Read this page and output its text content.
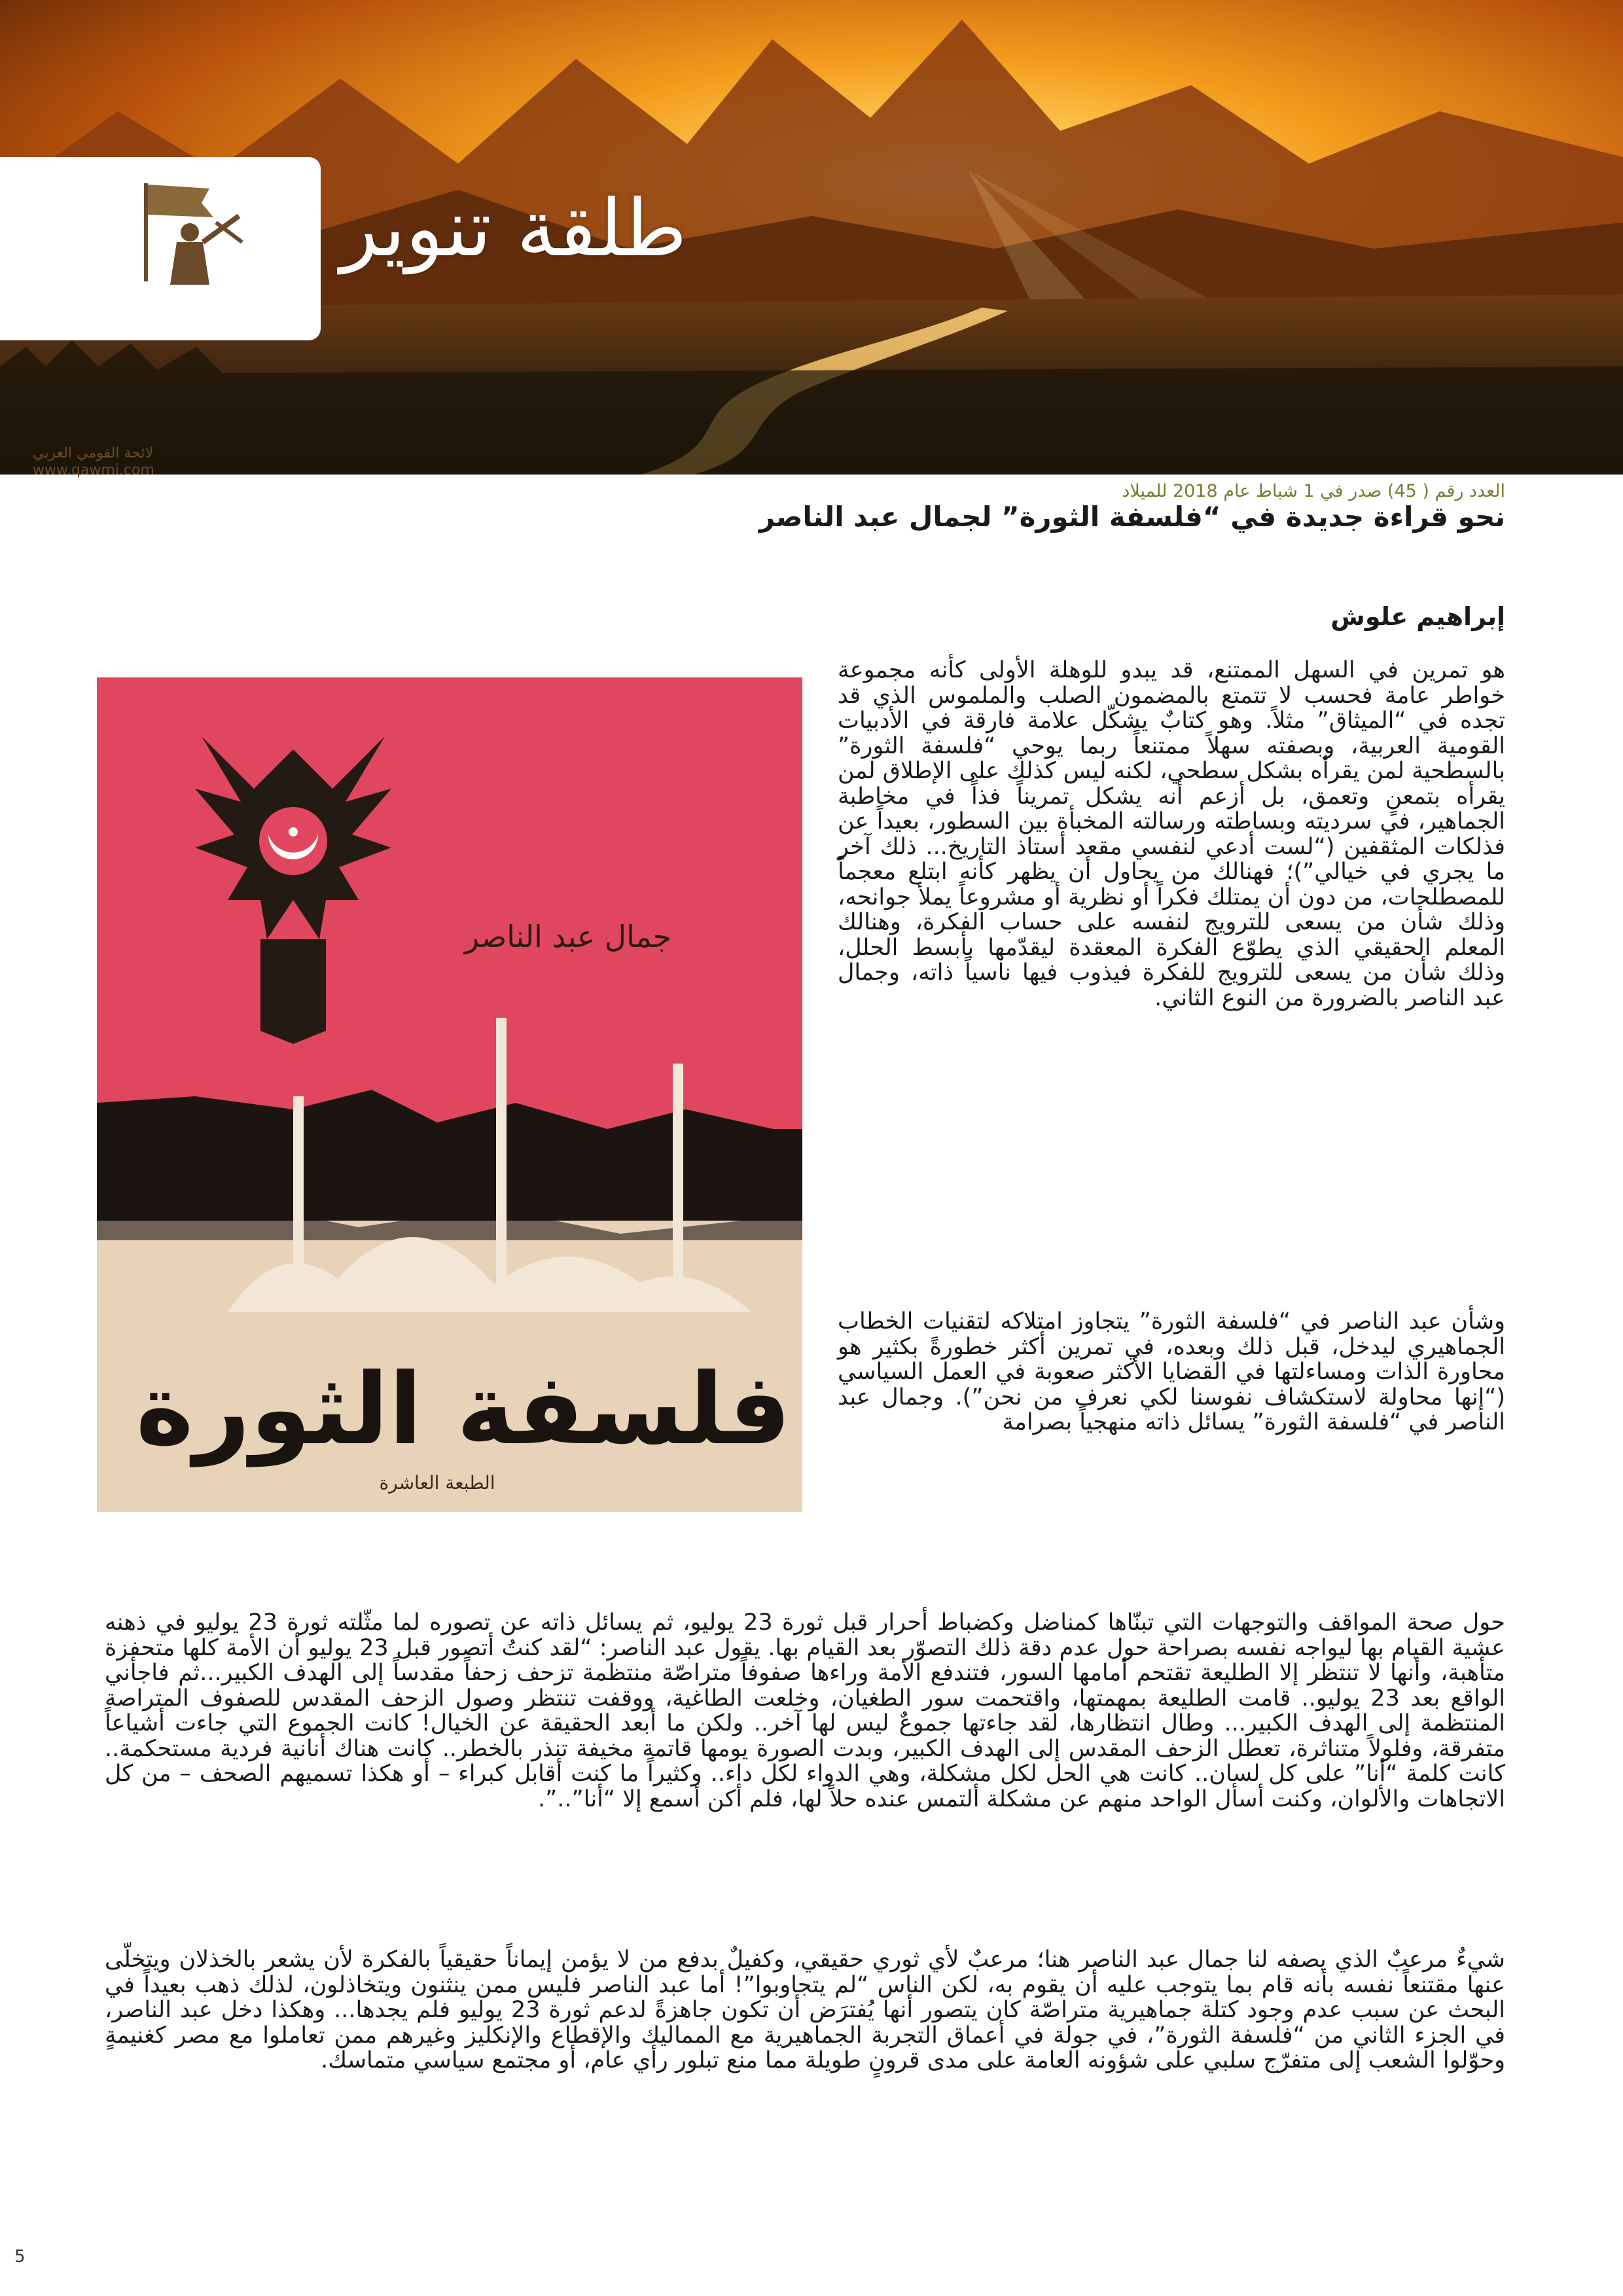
لائحة القومي العربي
www.qawmi.com
طلقة تنوير
العدد رقم ( 45) صدر في 1 شباط عام 2018 للميلاد
نحو قراءة جديدة في “فلسفة الثورة” لجمال عبد الناصر
إبراهيم علوش
جمال عبد الناصر
فلسفة الثورة
الطبعة العاشرة
هو تمرين في السهل الممتنع، قد يبدو للوهلة الأولى كأنه مجموعة خواطر عامة فحسب لا تتمتع بالمضمون الصلب والملموس الذي قد تجده في “الميثاق” مثلاً. وهو كتابٌ يشكّل علامة فارقة في الأدبيات القومية العربية، وبصفته سهلاً ممتنعاً ربما يوحي “فلسفة الثورة” بالسطحية لمن يقرأه بشكل سطحي، لكنه ليس كذلك على الإطلاق لمن يقرأه بتمعنٍ وتعمق، بل أزعم أنه يشكل تمريناً فذاً في مخاطبة الجماهير، في سرديته وبساطته ورسالته المخبأة بين السطور، بعيداً عن فذلكات المثقفين (“لست أدعي لنفسي مقعد أستاذ التاريخ... ذلك آخر ما يجري في خيالي”)؛ فهنالك من يحاول أن يظهر كأنه ابتلع معجماً للمصطلحات، من دون أن يمتلك فكراً أو نظرية أو مشروعاً يملأ جوانحه، وذلك شأن من يسعى للترويج لنفسه على حساب الفكرة، وهنالك المعلم الحقيقي الذي يطوّع الفكرة المعقدة ليقدّمها بأبسط الحلل، وذلك شأن من يسعى للترويج للفكرة فيذوب فيها ناسياً ذاته، وجمال عبد الناصر بالضرورة من النوع الثاني.
وشأن عبد الناصر في “فلسفة الثورة” يتجاوز امتلاكه لتقنيات الخطاب الجماهيري ليدخل، قبل ذلك وبعده، في تمرين أكثر خطورةً بكثير هو محاورة الذات ومساءلتها في القضايا الأكثر صعوبة في العمل السياسي (“إنها محاولة لاستكشاف نفوسنا لكي نعرف من نحن”). وجمال عبد الناصر في “فلسفة الثورة” يسائل ذاته منهجياً بصرامة
حول صحة المواقف والتوجهات التي تبنّاها كمناضل وكضباط أحرار قبل ثورة 23 يوليو، ثم يسائل ذاته عن تصوره لما مثّلته ثورة 23 يوليو في ذهنه عشية القيام بها ليواجه نفسه بصراحة حول عدم دقة ذلك التصوّر بعد القيام بها. يقول عبد الناصر: “لقد كنتُ أتصور قبل 23 يوليو أن الأمة كلها متحفزة متأهبة، وأنها لا تنتظر إلا الطليعة تقتحم أمامها السور، فتندفع الأمة وراءها صفوفاً متراصّة منتظمة تزحف زحفاً مقدساً إلى الهدف الكبير...ثم فاجأني الواقع بعد 23 يوليو.. قامت الطليعة بمهمتها، واقتحمت سور الطغيان، وخلعت الطاغية، ووقفت تنتظر وصول الزحف المقدس للصفوف المتراصة المنتظمة إلى الهدف الكبير... وطال انتظارها، لقد جاءتها جموعٌ ليس لها آخر.. ولكن ما أبعد الحقيقة عن الخيال! كانت الجموع التي جاءت أشياعاً متفرقة، وفلولاً متناثرة، تعطل الزحف المقدس إلى الهدف الكبير، وبدت الصورة يومها قاتمة مخيفة تنذر بالخطر.. كانت هناك أنانية فردية مستحكمة.. كانت كلمة “أنا” على كل لسان.. كانت هي الحل لكل مشكلة، وهي الدواء لكل داء.. وكثيراً ما كنت أقابل كبراء – أو هكذا تسميهم الصحف – من كل الاتجاهات والألوان، وكنت أسأل الواحد منهم عن مشكلة ألتمس عنده حلاً لها، فلم أكن أسمع إلا “أنا”..”.
شيءٌ مرعبٌ الذي يصفه لنا جمال عبد الناصر هنا؛ مرعبٌ لأي ثوري حقيقي، وكفيلٌ بدفع من لا يؤمن إيماناً حقيقياً بالفكرة لأن يشعر بالخذلان ويتخلّى عنها مقتنعاً نفسه بأنه قام بما يتوجب عليه أن يقوم به، لكن الناس “لم يتجاوبوا”! أما عبد الناصر فليس ممن ينثنون ويتخاذلون، لذلك ذهب بعيداً في البحث عن سبب عدم وجود كتلة جماهيرية متراصّة كان يتصور أنها يُفترَض أن تكون جاهزةً لدعم ثورة 23 يوليو فلم يجدها... وهكذا دخل عبد الناصر، في الجزء الثاني من “فلسفة الثورة”، في جولة في أعماق التجربة الجماهيرية مع المماليك والإقطاع والإنكليز وغيرهم ممن تعاملوا مع مصر كغنيمةٍ وحوّلوا الشعب إلى متفرّج سلبي على شؤونه العامة على مدى قرونٍ طويلة مما منع تبلور رأي عام، أو مجتمع سياسي متماسك.
5
